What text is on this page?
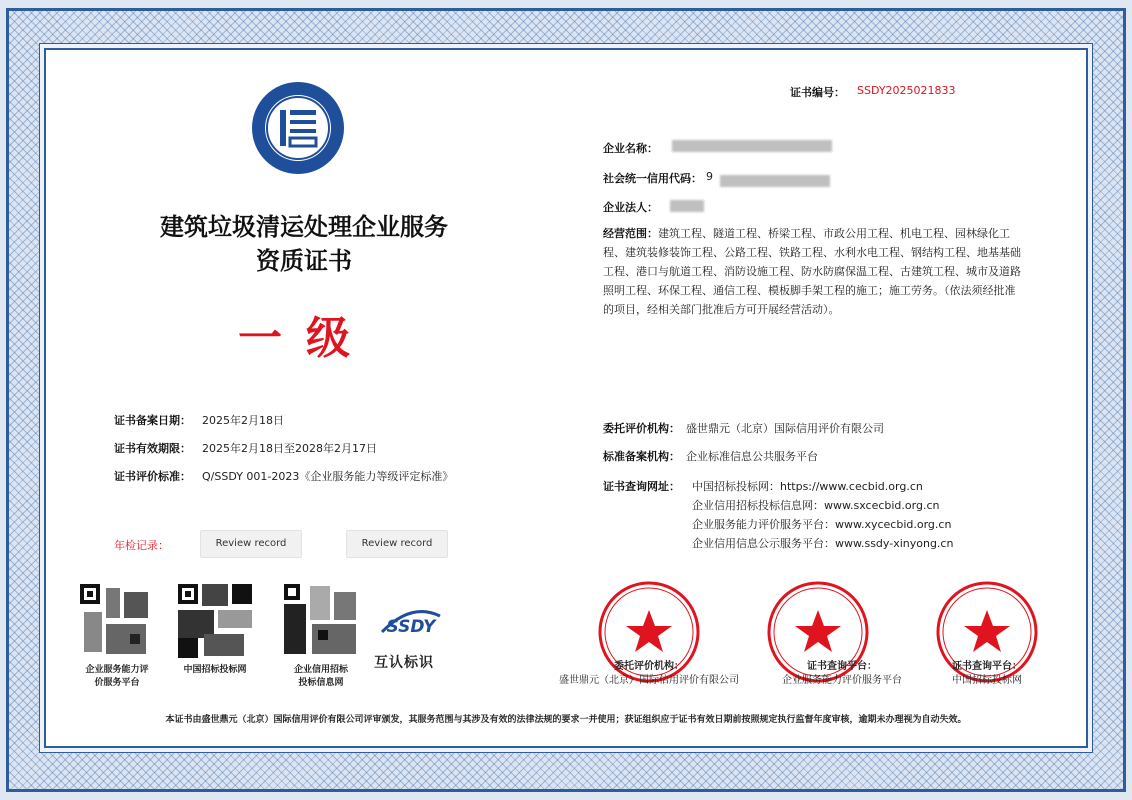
证书编号： SSDY2025021833
建筑垃圾清运处理企业服务
资质证书
一级
企业名称：
社会统一信用代码： 9
企业法人：
经营范围：建筑工程、隧道工程、桥梁工程、市政公用工程、机电工程、园林绿化工程、建筑装修装饰工程、公路工程、铁路工程、水利水电工程、钢结构工程、地基基础工程、港口与航道工程、消防设施工程、防水防腐保温工程、古建筑工程、城市及道路照明工程、环保工程、通信工程、模板脚手架工程的施工；施工劳务。（依法须经批准的项目，经相关部门批准后方可开展经营活动）。
证书备案日期： 2025年2月18日
证书有效期限： 2025年2月18日至2028年2月17日
证书评价标准： Q/SSDY 001-2023《企业服务能力等级评定标准》
年检记录：	Review record	Review record
委托评价机构： 盛世鼎元（北京）国际信用评价有限公司
标准备案机构： 企业标准信息公共服务平台
证书查询网址： 中国招标投标网：https://www.cecbid.org.cn
企业信用招标投标信息网：www.sxcecbid.org.cn
企业服务能力评价服务平台：www.xycecbid.org.cn
企业信用信息公示服务平台：www.ssdy-xinyong.cn
企业服务能力评
价服务平台
中国招标投标网	企业信用招标
投标信息网
SSDY
互认标识	委托评价机构：
盛世鼎元（北京）国际信用评价有限公司
证书查询平台：
企业服务能力评价服务平台
证书查询平台：
中国招标投标网
本证书由盛世鼎元（北京）国际信用评价有限公司评审颁发，其服务范围与其涉及有效的法律法规的要求一并使用；获证组织应于证书有效日期前按照规定执行监督年度审核，逾期未办理视为自动失效。
